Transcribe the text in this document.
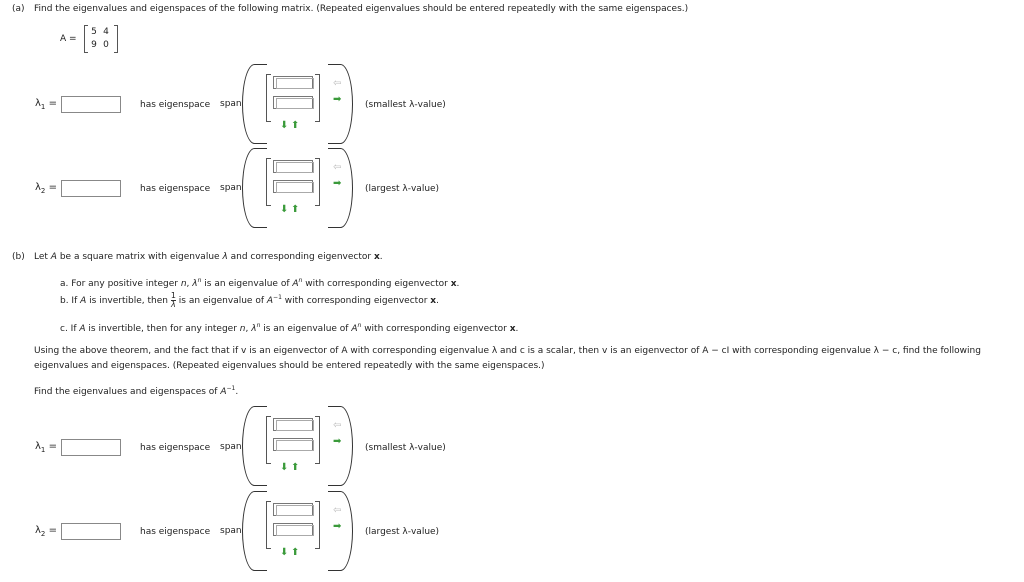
(a) Find the eigenvalues and eigenspaces of the following matrix. (Repeated eigenvalues should be entered repeatedly with the same eigenspaces.)
A =
5 4
9 0
$\lambda_1$ =	has eigenspace span
⇦
➡
⬇ ⬆
(smallest λ-value)
$\lambda_2$ =	has eigenspace span
⇦
➡
⬇ ⬆
(largest λ-value)
(b) Let A be a square matrix with eigenvalue λ and corresponding eigenvector x.
a. For any positive integer n, $\lambda^n$ is an eigenvalue of $A^n$ with corresponding eigenvector x.
b. If A is invertible, then $\frac{1}{\lambda}$ is an eigenvalue of $A^{-1}$ with corresponding eigenvector x.
c. If A is invertible, then for any integer n, $\lambda^n$ is an eigenvalue of $A^n$ with corresponding eigenvector x.
Using the above theorem, and the fact that if v is an eigenvector of A with corresponding eigenvalue λ and c is a scalar, then v is an eigenvector of A − cI with corresponding eigenvalue λ − c, find the following
eigenvalues and eigenspaces. (Repeated eigenvalues should be entered repeatedly with the same eigenspaces.)
Find the eigenvalues and eigenspaces of $A^{-1}$.
$\lambda_1$ =	has eigenspace span
⇦
➡
⬇ ⬆
(smallest λ-value)
$\lambda_2$ =	has eigenspace span
⇦
➡
⬇ ⬆
(largest λ-value)
